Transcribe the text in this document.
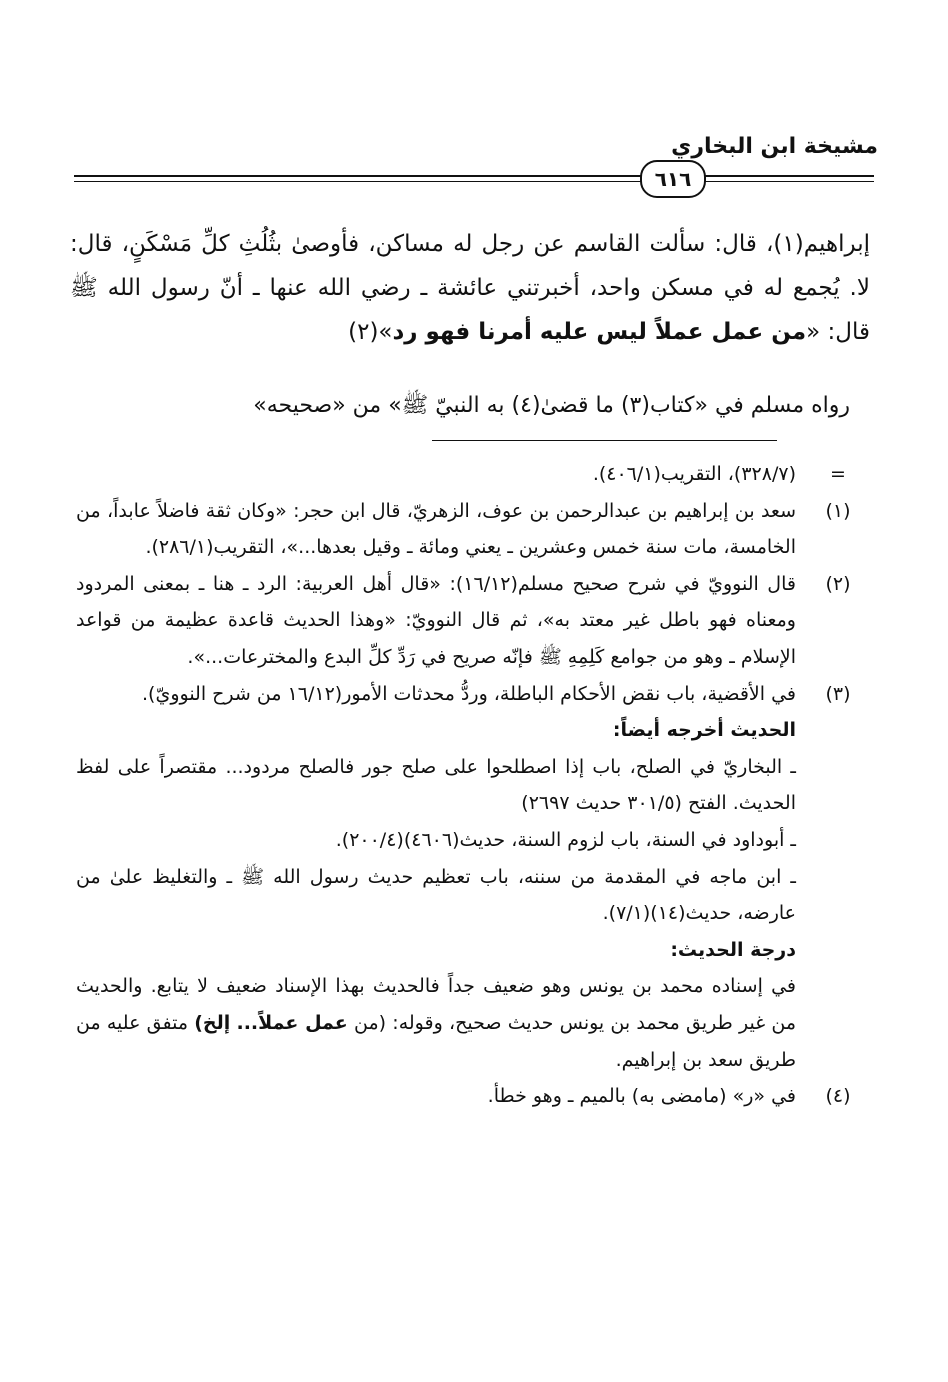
مشيخة ابن البخاري
٦١٦
إبراهيم(١)، قال: سألت القاسم عن رجل له مساكن، فأوصىٰ بثُلُثِ كلِّ مَسْكَنٍ، قال: لا. يُجمع له في مسكن واحد، أخبرتني عائشة ـ رضي الله عنها ـ أنّ رسول الله ﷺ قال: «من عمل عملاً ليس عليه أمرنا فهو رد»(٢)
رواه مسلم في «كتاب(٣) ما قضىٰ(٤) به النبيّ ﷺ» من «صحيحه»
=
(٣٢٨/٧)، التقريب(٤٠٦/١).
(١)
سعد بن إبراهيم بن عبدالرحمن بن عوف، الزهريّ، قال ابن حجر: «وكان ثقة فاضلاً عابداً، من الخامسة، مات سنة خمس وعشرين ـ يعني ومائة ـ وقيل بعدها...»، التقريب(٢٨٦/١).
(٢)
قال النوويّ في شرح صحيح مسلم(١٦/١٢): «قال أهل العربية: الرد ـ هنا ـ بمعنى المردود ومعناه فهو باطل غير معتد به»، ثم قال النوويّ: «وهذا الحديث قاعدة عظيمة من قواعد الإسلام ـ وهو من جوامع كَلِمِهِ ﷺ فإنّه صريح في رَدِّ كلِّ البدع والمخترعات...».
(٣)
في الأقضية، باب نقض الأحكام الباطلة، وردُّ محدثات الأمور(١٦/١٢ من شرح النوويّ).
الحديث أخرجه أيضاً:
ـ البخاريّ في الصلح، باب إذا اصطلحوا على صلح جور فالصلح مردود... مقتصراً على لفظ الحديث. الفتح (٣٠١/٥ حديث ٢٦٩٧)
ـ أبوداود في السنة، باب لزوم السنة، حديث(٤٦٠٦)(٢٠٠/٤).
ـ ابن ماجه في المقدمة من سننه، باب تعظيم حديث رسول الله ﷺ ـ والتغليظ علىٰ من عارضه، حديث(١٤)(٧/١).
درجة الحديث:
في إسناده محمد بن يونس وهو ضعيف جداً فالحديث بهذا الإسناد ضعيف لا يتابع. والحديث من غير طريق محمد بن يونس حديث صحيح، وقوله: (من عمل عملاً... إلخ) متفق عليه من طريق سعد بن إبراهيم.
(٤)
في «ر» (مامضى به) بالميم ـ وهو خطأ.
